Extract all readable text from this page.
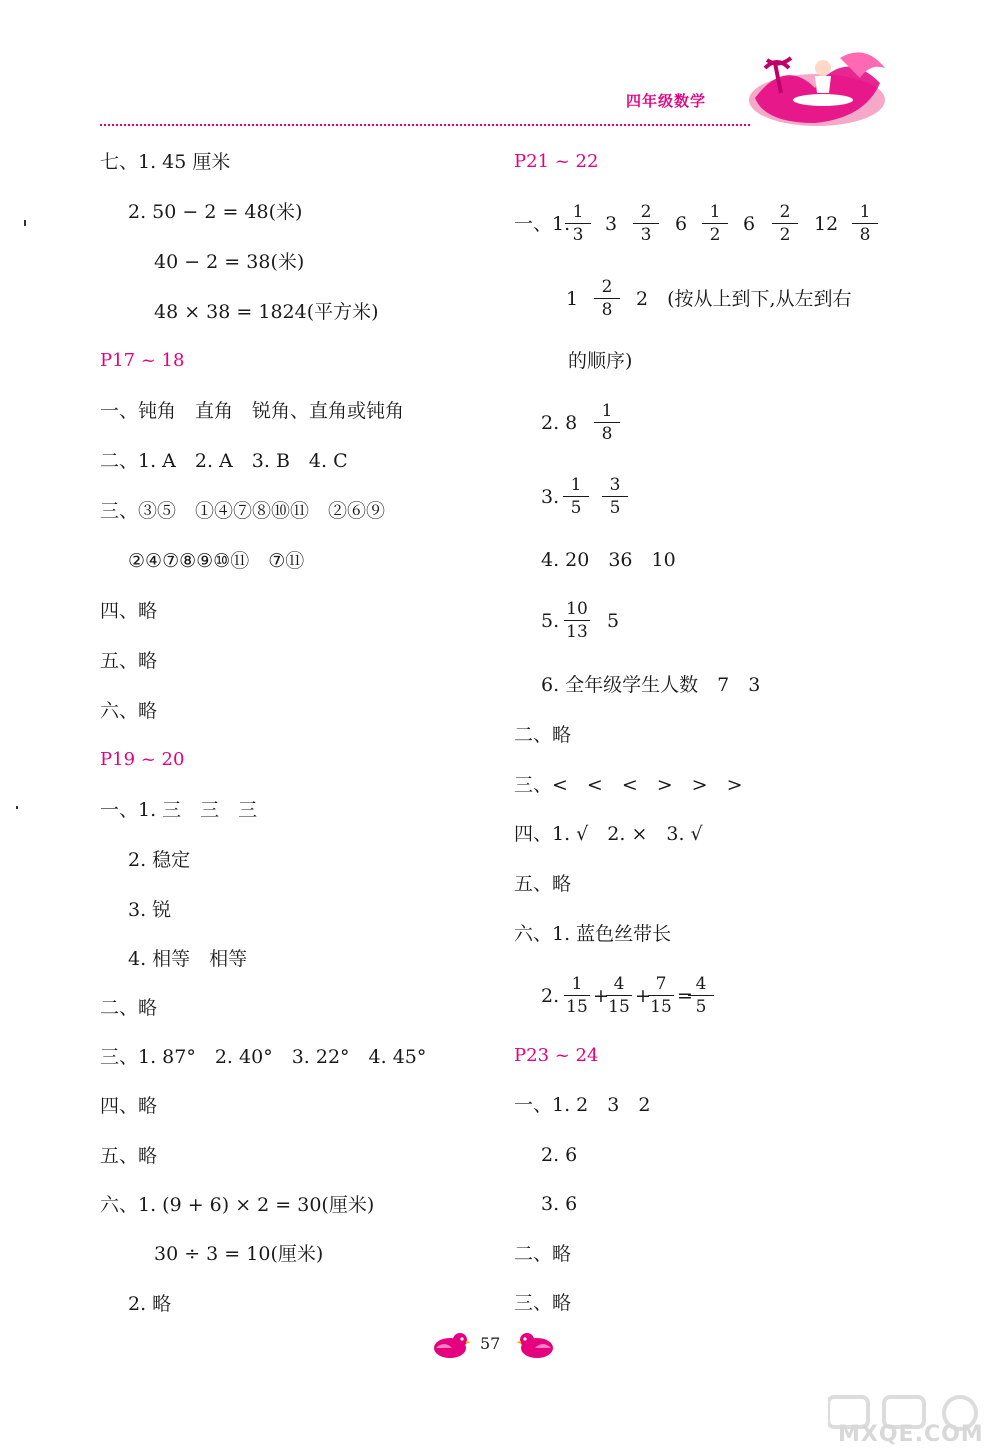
四年级数学
七、1. 45 厘米
2. 50 − 2 = 48(米)
40 − 2 = 38(米)
48 × 38 = 1824(平方米)
P17 ~ 18
一、钝角　直角　锐角、直角或钝角
二、1. A　2. A　3. B　4. C
三、③⑤　①④⑦⑧⑩⑪　②⑥⑨
②④⑦⑧⑨⑩⑪　⑦⑪
四、略
五、略
六、略
P19 ~ 20
一、1. 三　三　三
2. 稳定
3. 锐
4. 相等　相等
二、略
三、1. 87°　2. 40°　3. 22°　4. 45°
四、略
五、略
六、1. (9 + 6) × 2 = 30(厘米)
30 ÷ 3 = 10(厘米)
2. 略
P21 ~ 22
一、1.
$\frac{1}{3} 3 \frac{2}{3} 6 \frac{1}{2} 6 \frac{2}{2} 12 \frac{1}{8}$
$1 \frac{2}{8} 2$　(按从上到下,从左到右
的顺序)
2. $8 \frac{1}{8}$
3. $\frac{1}{5} \frac{3}{5}$
4. 20　36　10
5. $\frac{10}{13} 5$
6. 全年级学生人数　7　3
二、略
三、<　<　<　>　>　>
四、1. √　2. ×　3. √
五、略
六、1. 蓝色丝带长
2. $\frac{1}{15}$ +
$\frac{4}{15}$ +
$\frac{7}{15}$ =
$\frac{4}{5}$
P23 ~ 24
一、1. 2　3　2
2. 6
3. 6
二、略
三、略
57
MXQE.COM
